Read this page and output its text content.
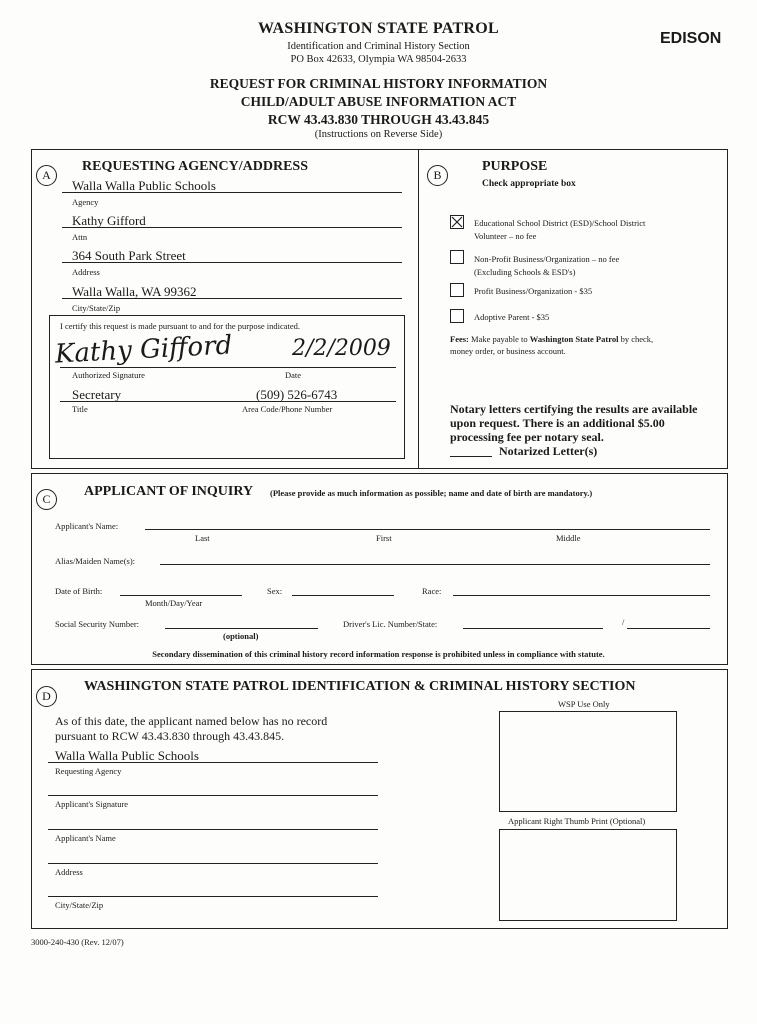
WASHINGTON STATE PATROL
Identification and Criminal History Section
PO Box 42633, Olympia WA 98504-2633
REQUEST FOR CRIMINAL HISTORY INFORMATION
CHILD/ADULT ABUSE INFORMATION ACT
RCW 43.43.830 THROUGH 43.43.845
(Instructions on Reverse Side)
EDISON
A
REQUESTING AGENCY/ADDRESS
Walla Walla Public Schools
Agency
Kathy Gifford
Attn
364 South Park Street
Address
Walla Walla, WA 99362
City/State/Zip
I certify this request is made pursuant to and for the purpose indicated.
Kathy Gifford	2/2/2009
Authorized Signature	Date
Secretary	(509) 526-6743
Title	Area Code/Phone Number
B
PURPOSE
Check appropriate box
Educational School District (ESD)/School District
Volunteer – no fee
Non-Profit Business/Organization – no fee
(Excluding Schools & ESD's)
Profit Business/Organization - $35
Adoptive Parent - $35
Fees: Make payable to Washington State Patrol by check,
money order, or business account.
Notary letters certifying the results are available
upon request. There is an additional $5.00
processing fee per notary seal.
Notarized Letter(s)
C	APPLICANT OF INQUIRY (Please provide as much information as possible; name and date of birth are mandatory.)
Applicant's Name:
Last	First	Middle
Alias/Maiden Name(s):
Date of Birth:
Month/Day/Year
Sex:	Race:
Social Security Number:
(optional)
Driver's Lic. Number/State:	/
Secondary dissemination of this criminal history record information response is prohibited unless in compliance with statute.
D
WASHINGTON STATE PATROL IDENTIFICATION & CRIMINAL HISTORY SECTION
WSP Use Only
Applicant Right Thumb Print (Optional)
As of this date, the applicant named below has no record
pursuant to RCW 43.43.830 through 43.43.845.
Walla Walla Public Schools
Requesting Agency
Applicant's Signature
Applicant's Name
Address
City/State/Zip
3000-240-430 (Rev. 12/07)
